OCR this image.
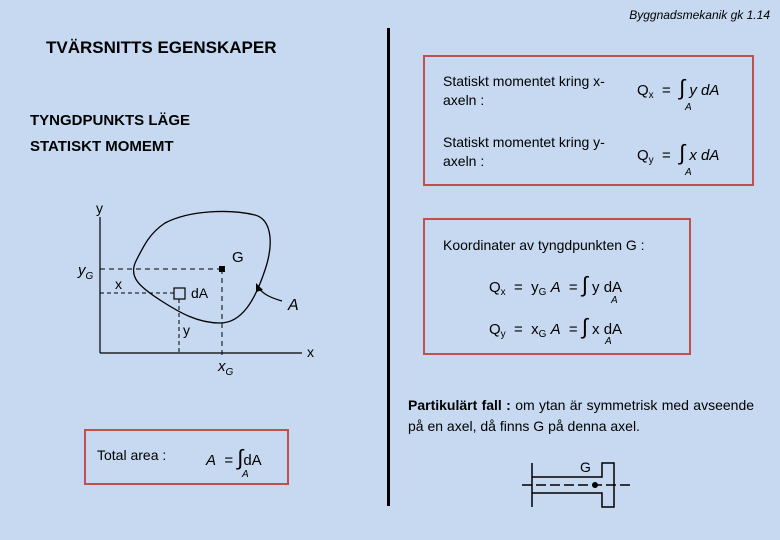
Byggnadsmekanik gk 1.14
TVÄRSNITTS EGENSKAPER
TYNGDPUNKTS LÄGE
STATISKT MOMEMT
Statiskt momentet kring x-axeln :
Statiskt momentet kring y-axeln :
$Q_x$ = ∫ y dA
A
$Q_y$ = ∫ x dA
A
Koordinater av tyngdpunkten G :
$Q_x = y_G$ A  = ∫ y dA
A
$Q_y = x_G$ A  = ∫ x dA
A
y
x
$y_G$
$x_G$
G
dA
A
x
y
Total area :	A = ∫dA
A
Partikulärt fall : om ytan är symmetrisk med avseende på en axel, då finns G på denna axel.
G
